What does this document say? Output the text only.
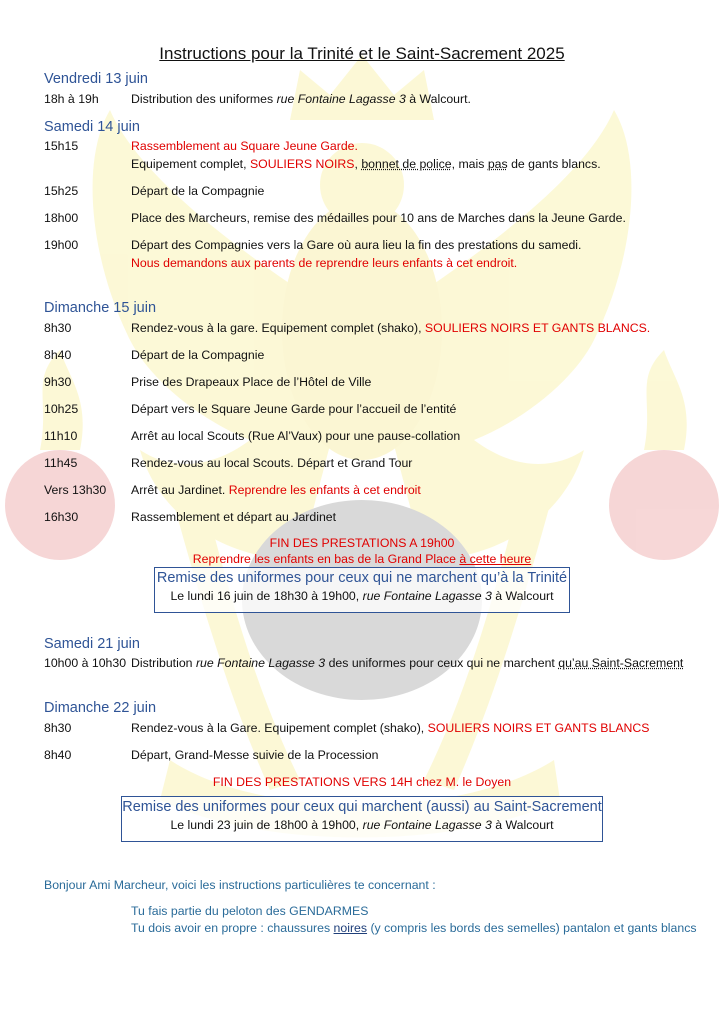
Instructions pour la Trinité et le Saint-Sacrement 2025
Vendredi 13 juin
18h à 19h	Distribution des uniformes rue Fontaine Lagasse 3 à Walcourt.
Samedi 14 juin
15h15	Rassemblement au Square Jeune Garde.
Equipement complet, SOULIERS NOIRS, bonnet de police, mais pas de gants blancs.
15h25	Départ de la Compagnie
18h00	Place des Marcheurs, remise des médailles pour 10 ans de Marches dans la Jeune Garde.
19h00	Départ des Compagnies vers la Gare où aura lieu la fin des prestations du samedi.
Nous demandons aux parents de reprendre leurs enfants à cet endroit.
Dimanche 15 juin
8h30	Rendez-vous à la gare. Equipement complet (shako), SOULIERS NOIRS ET GANTS BLANCS.
8h40	Départ de la Compagnie
9h30	Prise des Drapeaux Place de l’Hôtel de Ville
10h25	Départ vers le Square Jeune Garde pour l’accueil de l’entité
11h10	Arrêt au local Scouts (Rue Al’Vaux) pour une pause-collation
11h45	Rendez-vous au local Scouts. Départ et Grand Tour
Vers 13h30 Arrêt au Jardinet. Reprendre les enfants à cet endroit
16h30	Rassemblement et départ au Jardinet
FIN DES PRESTATIONS A 19h00
Reprendre les enfants en bas de la Grand Place à cette heure
Remise des uniformes pour ceux qui ne marchent qu’à la Trinité
Le lundi 16 juin de 18h30 à 19h00, rue Fontaine Lagasse 3 à Walcourt
Samedi 21 juin
10h00 à 10h30 Distribution rue Fontaine Lagasse 3 des uniformes pour ceux qui ne marchent qu’au Saint-Sacrement
Dimanche 22 juin
8h30	Rendez-vous à la Gare. Equipement complet (shako), SOULIERS NOIRS ET GANTS BLANCS
8h40	Départ, Grand-Messe suivie de la Procession
FIN DES PRESTATIONS VERS 14H chez M. le Doyen
Remise des uniformes pour ceux qui marchent (aussi) au Saint-Sacrement
Le lundi 23 juin de 18h00 à 19h00, rue Fontaine Lagasse 3 à Walcourt
Bonjour Ami Marcheur, voici les instructions particulières te concernant :
Tu fais partie du peloton des GENDARMES
Tu dois avoir en propre : chaussures noires (y compris les bords des semelles) pantalon et gants blancs
